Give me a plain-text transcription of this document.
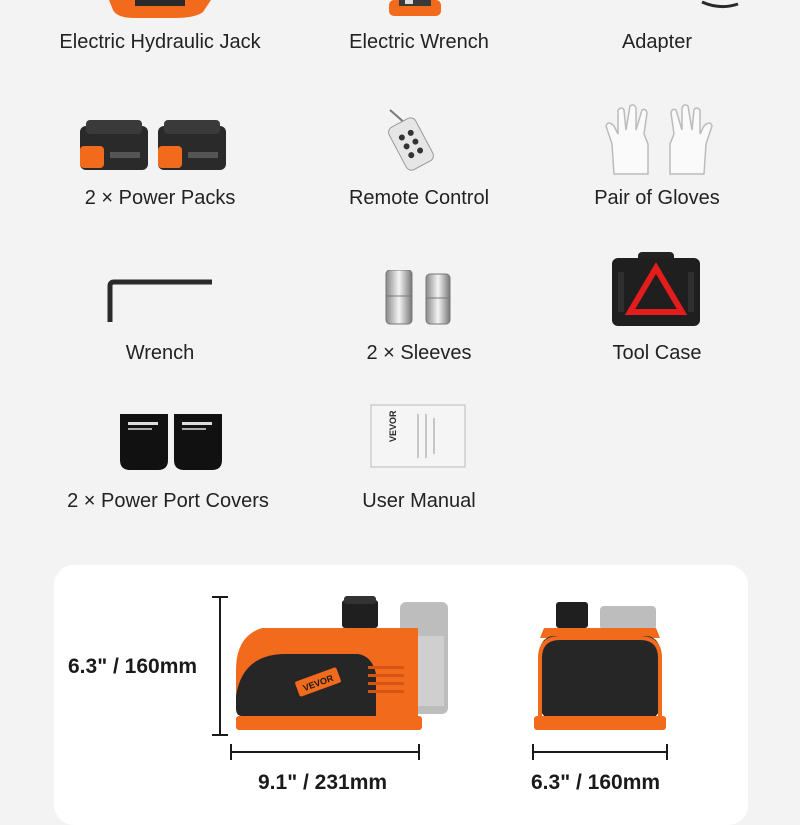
Electric Hydraulic Jack	Electric Wrench	Adapter
2 × Power Packs	Remote Control	Pair of Gloves
Wrench	2 × Sleeves	Tool Case
VEVOR
2 × Power Port Covers	User Manual
6.3" / 160mm
VEVOR
9.1" / 231mm	6.3" / 160mm
